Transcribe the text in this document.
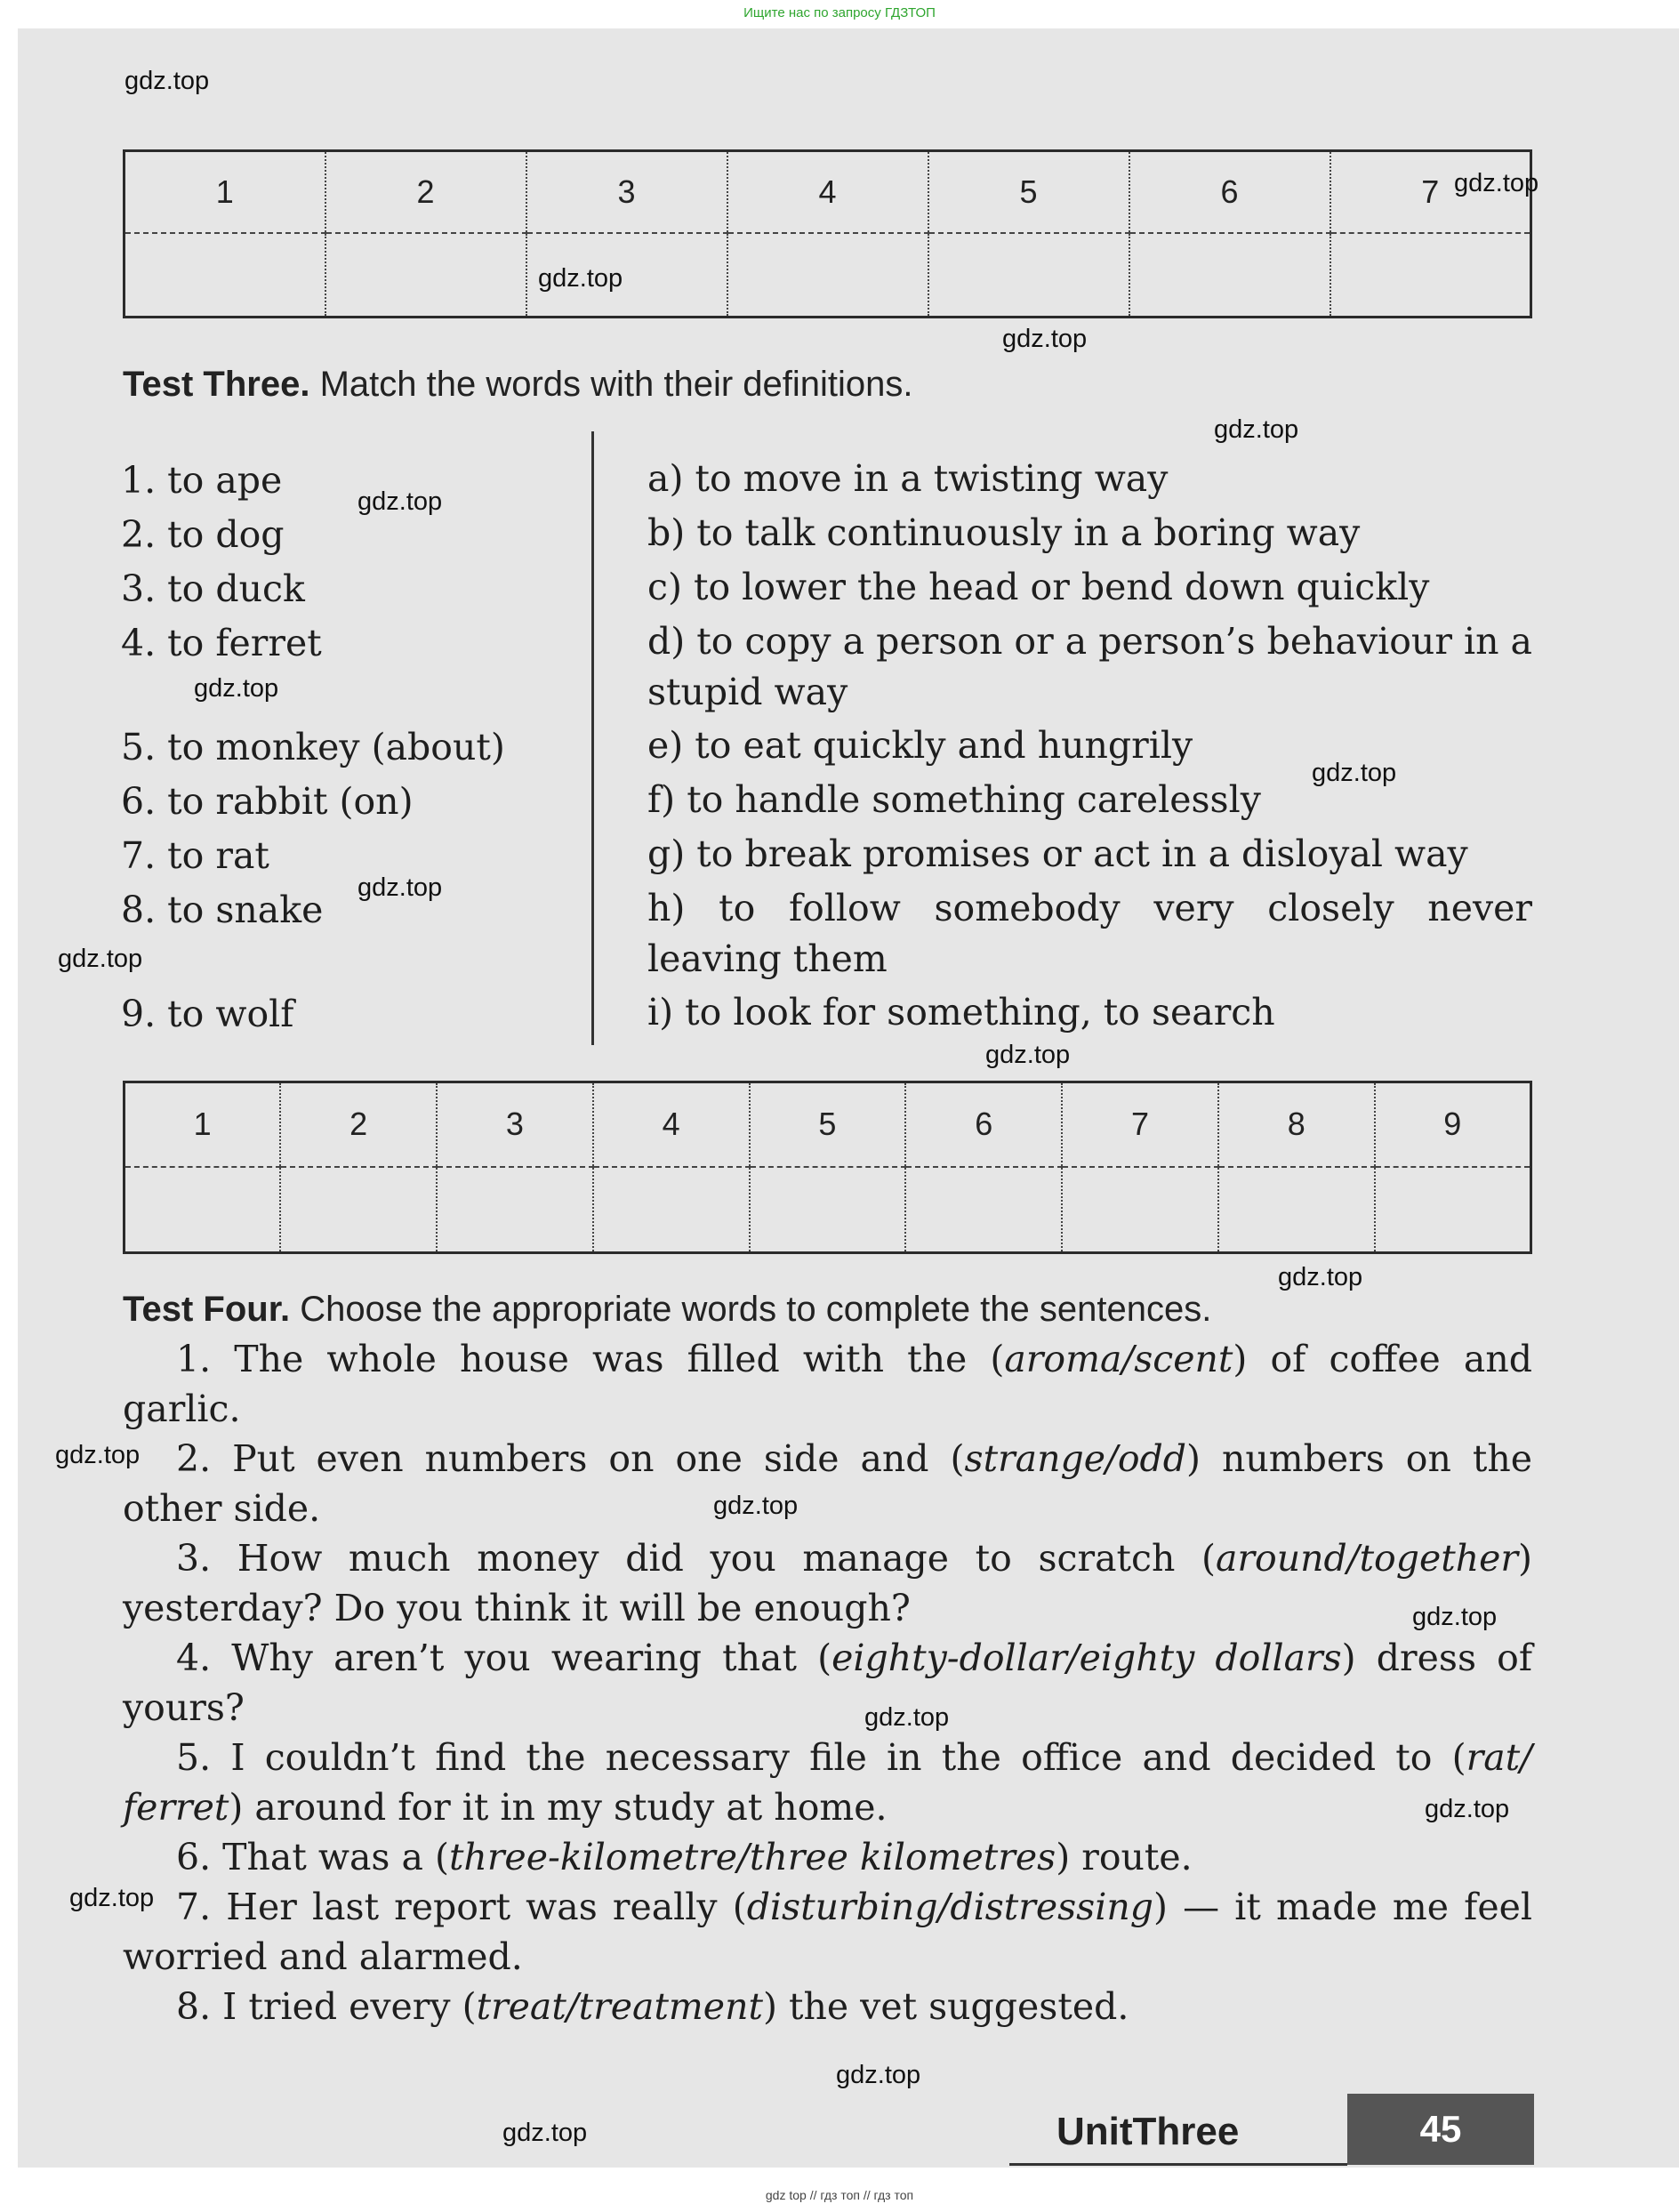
Ищите нас по запросу ГДЗТОП
1	2	3	4	5	6	7

Test Three. Match the words with their definitions.
1. to ape
2. to dog
3. to duck
4. to ferret
5. to monkey (about)
6. to rabbit (on)
7. to rat
8. to snake
9. to wolf
a) to move in a twisting way
b) to talk continuously in a boring way
c) to lower the head or bend down quickly
d) to copy a person or a person’s behaviour in a stupid way
e) to eat quickly and hungrily
f) to handle something carelessly
g) to break promises or act in a disloyal way
h) to follow somebody very closely never leaving them
i) to look for something, to search
1	2	3	4	5	6	7	8	9

Test Four. Choose the appropriate words to complete the sentences.
1. The whole house was filled with the (aroma/scent) of coffee and garlic.
2. Put even numbers on one side and (strange/odd) numbers on the other side.
3. How much money did you manage to scratch (around/together) yesterday? Do you think it will be enough?
4. Why aren’t you wearing that (eighty-dollar/eighty dollars) dress of yours?
5. I couldn’t find the necessary file in the office and decided to (rat/ ferret) around for it in my study at home.
6. That was a (three-kilometre/three kilometres) route.
7. Her last report was really (disturbing/distressing) — it made me feel worried and alarmed.
8. I tried every (treat/treatment) the vet suggested.
UnitThree	45
gdz.top
gdz.top
gdz.top
gdz.top
gdz.top
gdz.top
gdz.top
gdz.top
gdz.top
gdz.top
gdz.top
gdz.top
gdz.top
gdz.top
gdz.top
gdz.top
gdz.top
gdz.top
gdz.top
gdz.top
gdz top // гдз топ // гдз топ
